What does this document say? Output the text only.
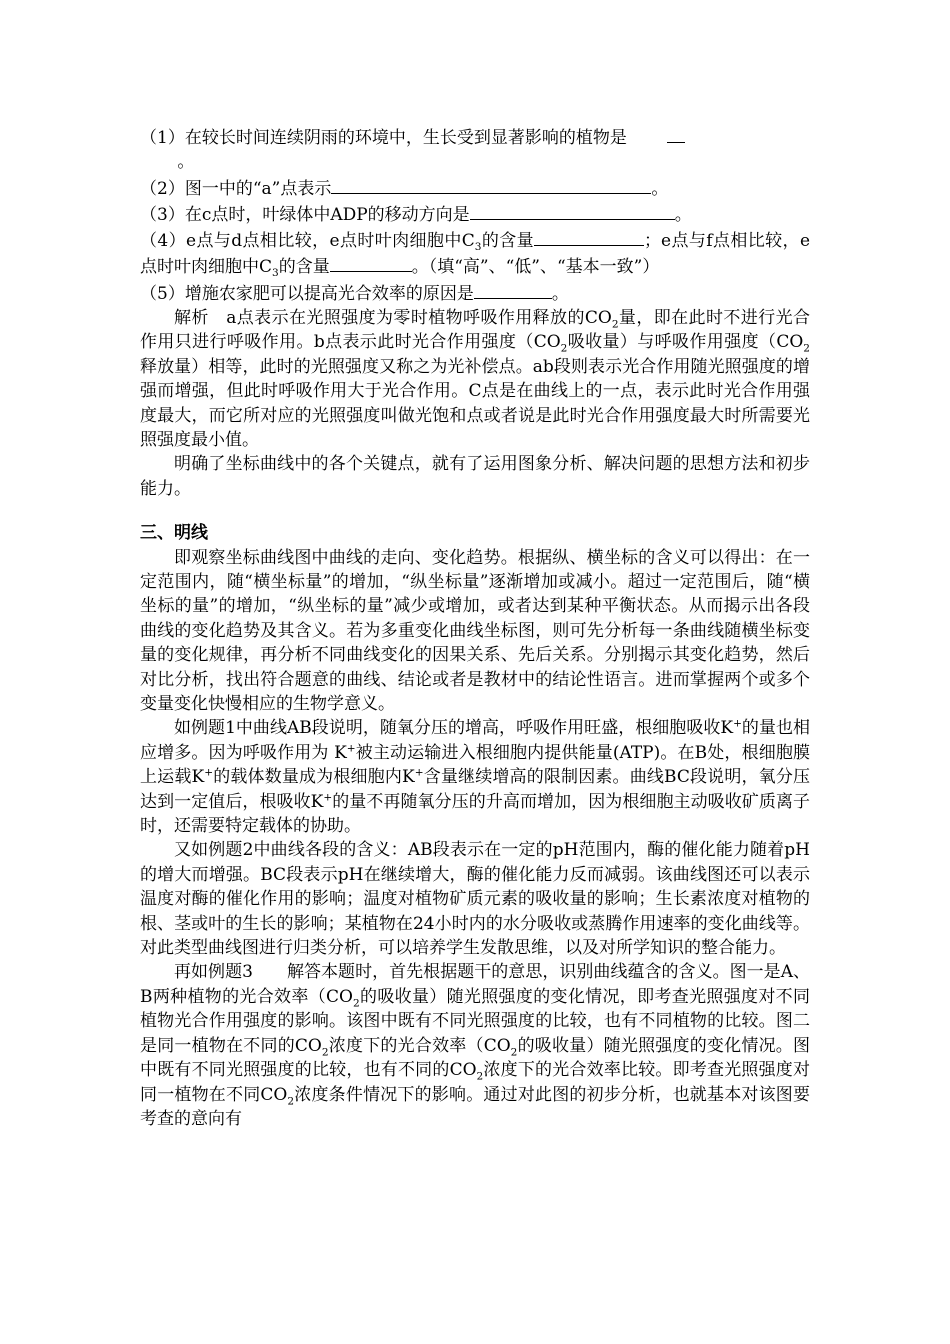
（1）在较长时间连续阴雨的环境中，生长受到显著影响的植物是
。

（2）图一中的“a”点表示	。

（3）在c点时，叶绿体中ADP的移动方向是	。

（4）e点与d点相比较，e点时叶肉细胞中$C_3$的含量	；e点与f点相比较，e点时叶肉细胞中$C_3$的含量	。（填“高”、“低”、“基本一致”）

（5）增施农家肥可以提高光合效率的原因是	。

解析　a点表示在光照强度为零时植物呼吸作用释放的$CO_2$量，即在此时不进行光合作用只进行呼吸作用。b点表示此时光合作用强度（$CO_2$吸收量）与呼吸作用强度（$CO_2$释放量）相等，此时的光照强度又称之为光补偿点。ab段则表示光合作用随光照强度的增强而增强，但此时呼吸作用大于光合作用。C点是在曲线上的一点，表示此时光合作用强度最大，而它所对应的光照强度叫做光饱和点或者说是此时光合作用强度最大时所需要光照强度最小值。

明确了坐标曲线中的各个关键点，就有了运用图象分析、解决问题的思想方法和初步能力。

三、明线

即观察坐标曲线图中曲线的走向、变化趋势。根据纵、横坐标的含义可以得出：在一定范围内，随“横坐标量”的增加，“纵坐标量”逐渐增加或减小。超过一定范围后，随“横坐标的量”的增加，“纵坐标的量”减少或增加，或者达到某种平衡状态。从而揭示出各段曲线的变化趋势及其含义。若为多重变化曲线坐标图，则可先分析每一条曲线随横坐标变量的变化规律，再分析不同曲线变化的因果关系、先后关系。分别揭示其变化趋势，然后对比分析，找出符合题意的曲线、结论或者是教材中的结论性语言。进而掌握两个或多个变量变化快慢相应的生物学意义。

如例题1中曲线AB段说明，随氧分压的增高，呼吸作用旺盛，根细胞吸收K+的量也相应增多。因为呼吸作用为 K+被主动运输进入根细胞内提供能量(ATP)。在B处，根细胞膜上运载K+的载体数量成为根细胞内K+含量继续增高的限制因素。曲线BC段说明，氧分压达到一定值后，根吸收K+的量不再随氧分压的升高而增加，因为根细胞主动吸收矿质离子时，还需要特定载体的协助。

又如例题2中曲线各段的含义：AB段表示在一定的pH范围内，酶的催化能力随着pH的增大而增强。BC段表示pH在继续增大，酶的催化能力反而减弱。该曲线图还可以表示温度对酶的催化作用的影响；温度对植物矿质元素的吸收量的影响；生长素浓度对植物的根、茎或叶的生长的影响；某植物在24小时内的水分吸收或蒸腾作用速率的变化曲线等。对此类型曲线图进行归类分析，可以培养学生发散思维，以及对所学知识的整合能力。

再如例题3　　解答本题时，首先根据题干的意思，识别曲线蕴含的含义。图一是A、B两种植物的光合效率（$CO_2$的吸收量）随光照强度的变化情况，即考查光照强度对不同植物光合作用强度的影响。该图中既有不同光照强度的比较，也有不同植物的比较。图二是同一植物在不同的$CO_2$浓度下的光合效率（$CO_2$的吸收量）随光照强度的变化情况。图中既有不同光照强度的比较，也有不同的$CO_2$浓度下的光合效率比较。即考查光照强度对同一植物在不同$CO_2$浓度条件情况下的影响。通过对此图的初步分析，也就基本对该图要考查的意向有
